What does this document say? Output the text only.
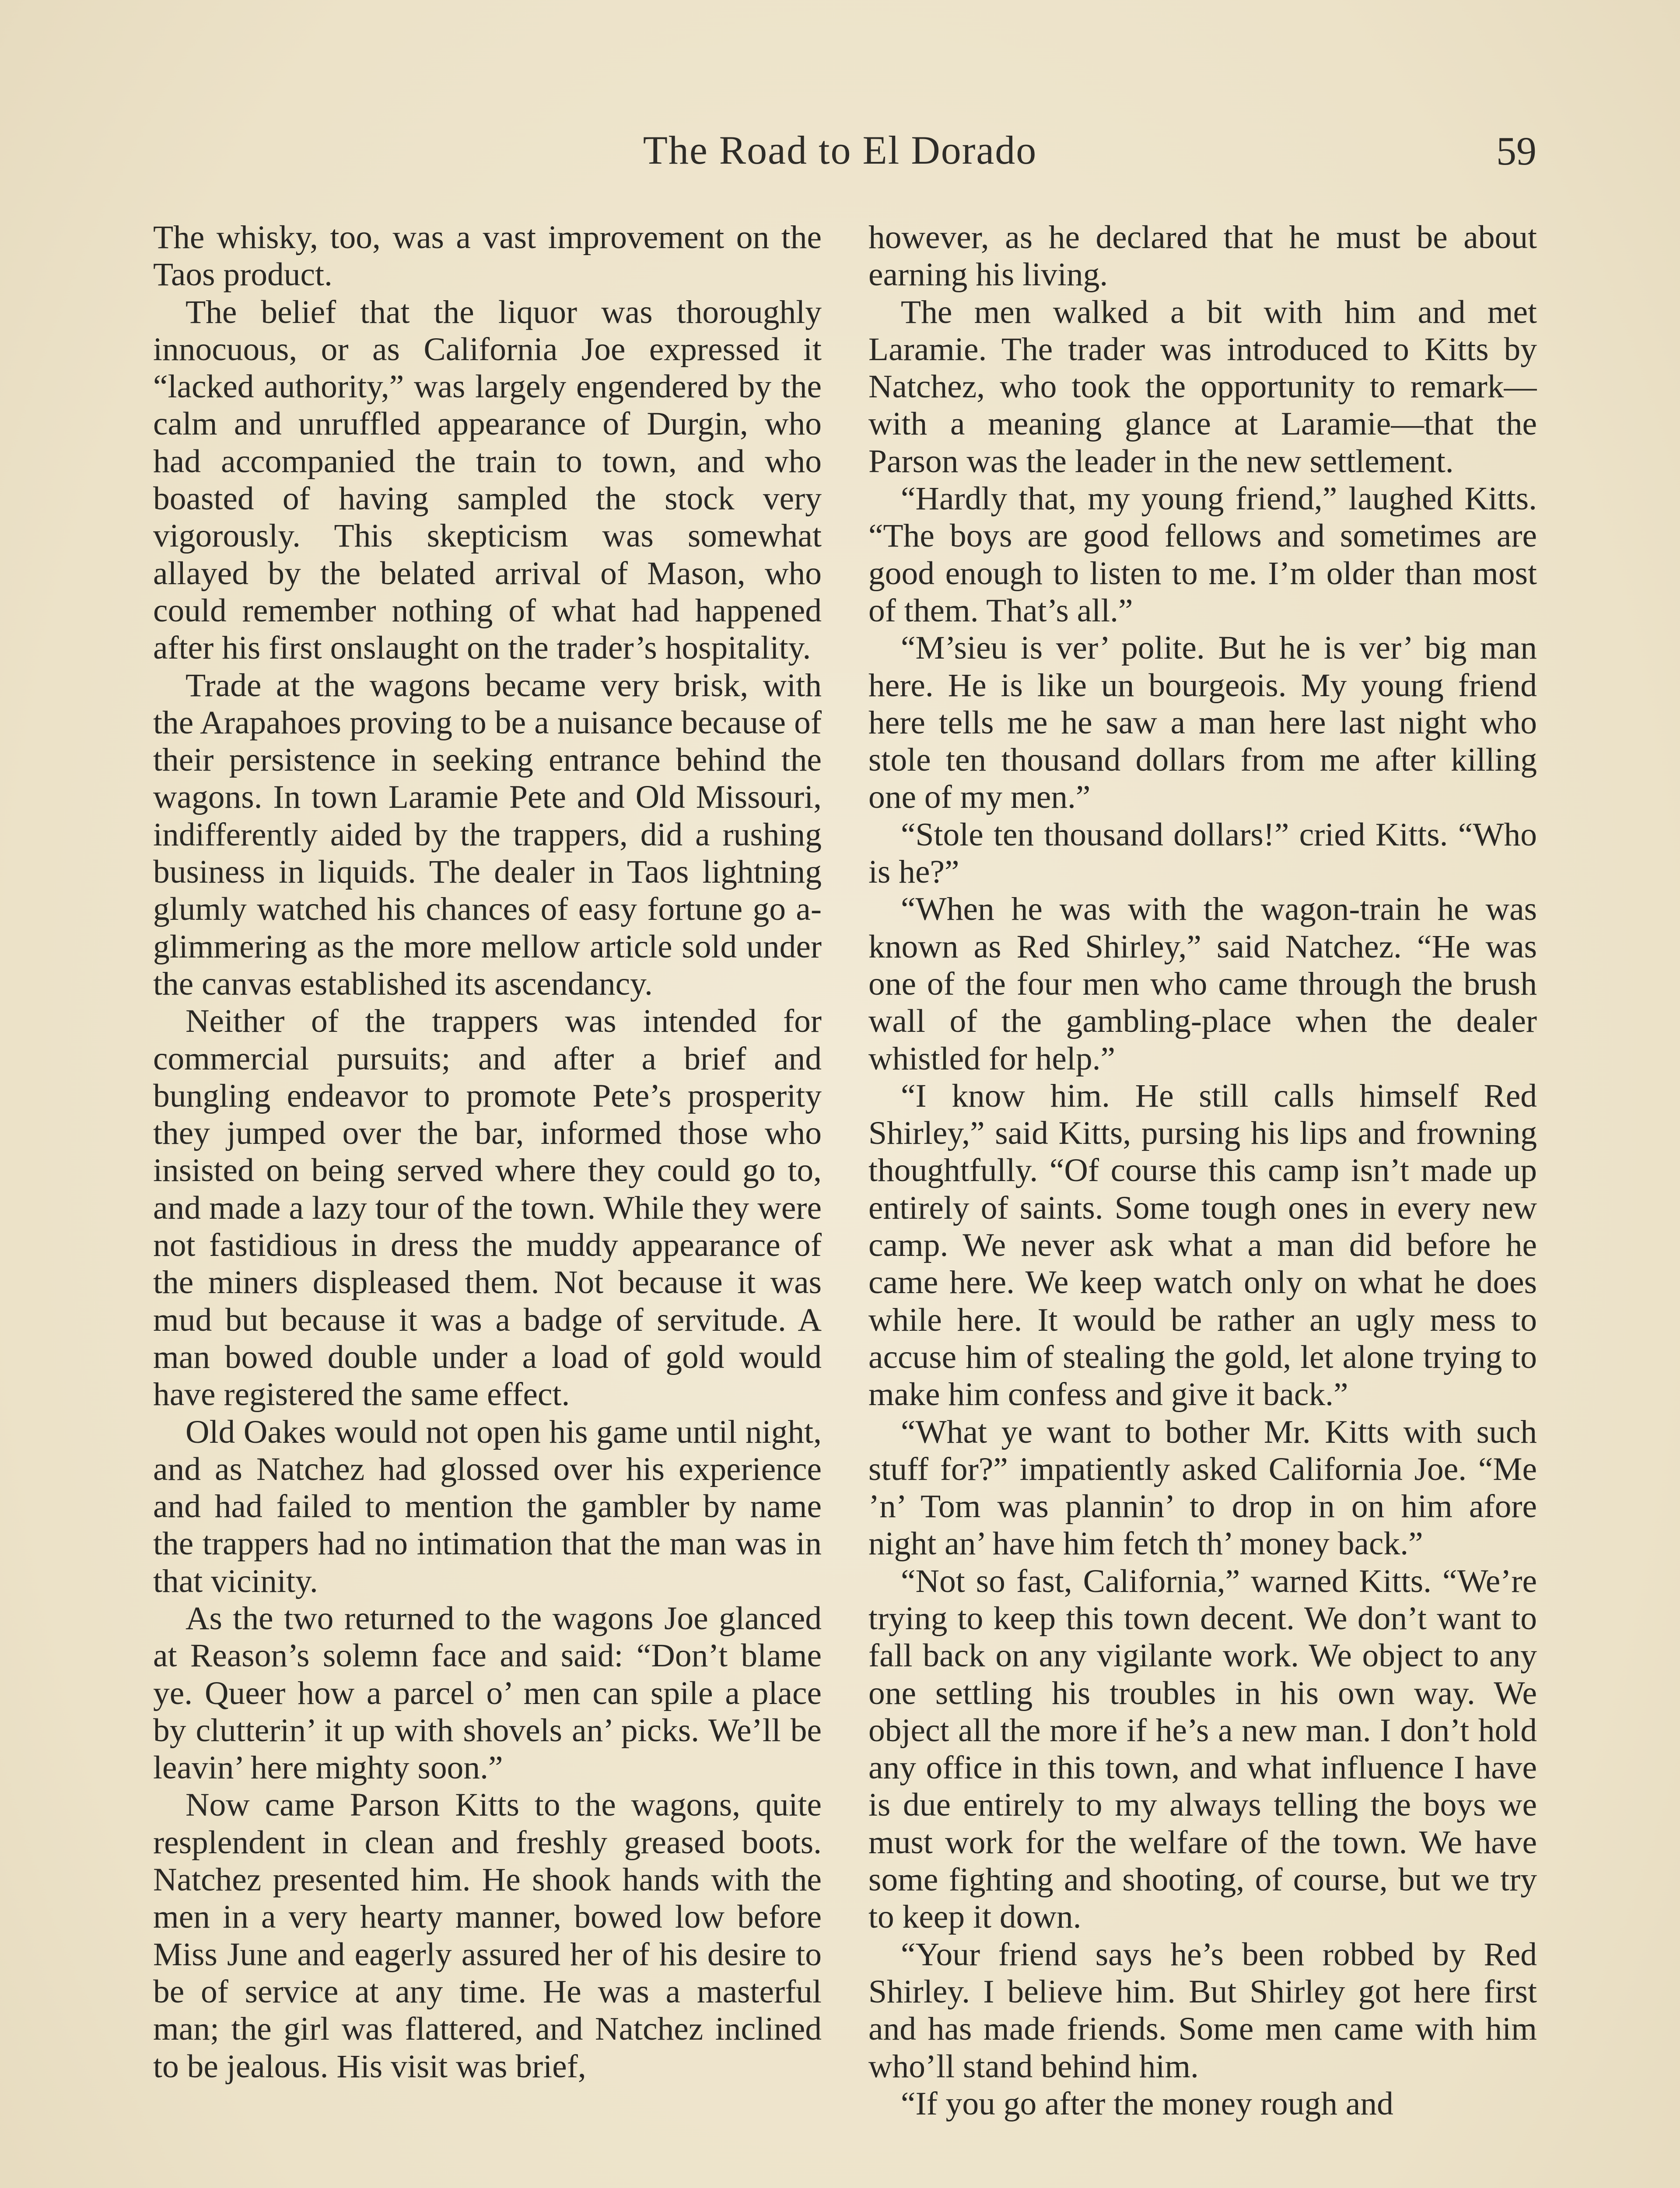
The Road to El Dorado	59

The whisky, too, was a vast improvement on the Taos product.

The belief that the liquor was thoroughly innocuous, or as California Joe expressed it “lacked authority,” was largely engendered by the calm and unruffled appearance of Durgin, who had accompanied the train to town, and who boasted of having sampled the stock very vigorously. This skepticism was somewhat allayed by the belated arrival of Mason, who could remember nothing of what had happened after his first onslaught on the trader’s hospitality.

Trade at the wagons became very brisk, with the Arapahoes proving to be a nuisance because of their persistence in seeking entrance behind the wagons. In town Laramie Pete and Old Missouri, indifferently aided by the trappers, did a rushing business in liquids. The dealer in Taos lightning glumly watched his chances of easy fortune go a-glimmering as the more mellow article sold under the canvas established its ascendancy.

Neither of the trappers was intended for commercial pursuits; and after a brief and bungling endeavor to promote Pete’s prosperity they jumped over the bar, informed those who insisted on being served where they could go to, and made a lazy tour of the town. While they were not fastidious in dress the muddy appearance of the miners displeased them. Not because it was mud but because it was a badge of servitude. A man bowed double under a load of gold would have registered the same effect.

Old Oakes would not open his game until night, and as Natchez had glossed over his experience and had failed to mention the gambler by name the trappers had no intimation that the man was in that vicinity.

As the two returned to the wagons Joe glanced at Reason’s solemn face and said: “Don’t blame ye. Queer how a parcel o’ men can spile a place by clutterin’ it up with shovels an’ picks. We’ll be leavin’ here mighty soon.”

Now came Parson Kitts to the wagons, quite resplendent in clean and freshly greased boots. Natchez presented him. He shook hands with the men in a very hearty manner, bowed low before Miss June and eagerly assured her of his desire to be of service at any time. He was a masterful man; the girl was flattered, and Natchez inclined to be jealous. His visit was brief,

however, as he declared that he must be about earning his living.

The men walked a bit with him and met Laramie. The trader was introduced to Kitts by Natchez, who took the opportunity to remark—with a meaning glance at Laramie—that the Parson was the leader in the new settlement.

“Hardly that, my young friend,” laughed Kitts. “The boys are good fellows and sometimes are good enough to listen to me. I’m older than most of them. That’s all.”

“M’sieu is ver’ polite. But he is ver’ big man here. He is like un bourgeois. My young friend here tells me he saw a man here last night who stole ten thousand dollars from me after killing one of my men.”

“Stole ten thousand dollars!” cried Kitts. “Who is he?”

“When he was with the wagon-train he was known as Red Shirley,” said Natchez. “He was one of the four men who came through the brush wall of the gambling-place when the dealer whistled for help.”

“I know him. He still calls himself Red Shirley,” said Kitts, pursing his lips and frowning thoughtfully. “Of course this camp isn’t made up entirely of saints. Some tough ones in every new camp. We never ask what a man did before he came here. We keep watch only on what he does while here. It would be rather an ugly mess to accuse him of stealing the gold, let alone trying to make him confess and give it back.”

“What ye want to bother Mr. Kitts with such stuff for?” impatiently asked California Joe. “Me ’n’ Tom was plannin’ to drop in on him afore night an’ have him fetch th’ money back.”

“Not so fast, California,” warned Kitts. “We’re trying to keep this town decent. We don’t want to fall back on any vigilante work. We object to any one settling his troubles in his own way. We object all the more if he’s a new man. I don’t hold any office in this town, and what influence I have is due entirely to my always telling the boys we must work for the welfare of the town. We have some fighting and shooting, of course, but we try to keep it down.

“Your friend says he’s been robbed by Red Shirley. I believe him. But Shirley got here first and has made friends. Some men came with him who’ll stand behind him.

“If you go after the money rough and
